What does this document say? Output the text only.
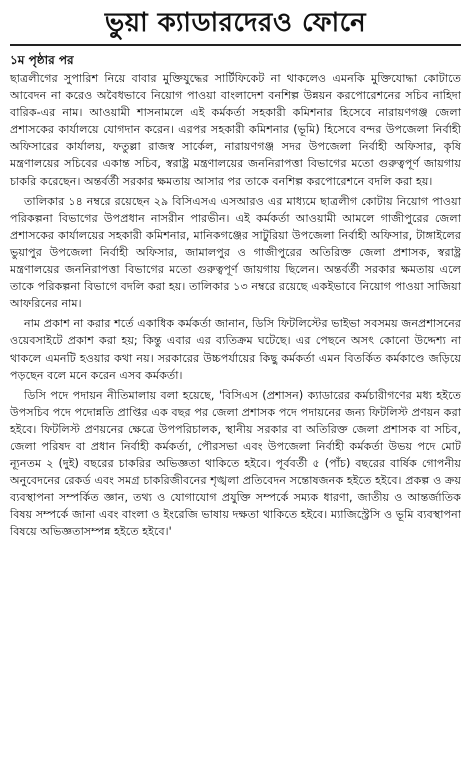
ভুয়া ক্যাডারদেরও ফোনে
১ম পৃষ্ঠার পর

ছাত্রলীগের সুপারিশ নিয়ে বাবার মুক্তিযুদ্ধের সার্টিফিকেট না থাকলেও এমনকি মুক্তিযোদ্ধা কোটাতে আবেদন না করেও অবৈধভাবে নিয়োগ পাওয়া বাংলাদেশ বনশিল্প উন্নয়ন করপোরেশনের সচিব নাহিদা বারিক-এর নাম। আওয়ামী শাসনামলে এই কর্মকর্তা সহকারী কমিশনার হিসেবে নারায়ণগঞ্জ জেলা প্রশাসকের কার্যালয়ে যোগদান করেন। এরপর সহকারী কমিশনার (ভূমি) হিসেবে বন্দর উপজেলা নির্বাহী অফিসারের কার্যালয়, ফতুল্লা রাজস্ব সার্কেল, নারায়ণগঞ্জ সদর উপজেলা নির্বাহী অফিসার, কৃষি মন্ত্রণালয়ের সচিবের একান্ত সচিব, স্বরাষ্ট্র মন্ত্রণালয়ের জননিরাপত্তা বিভাগের মতো গুরুত্বপূর্ণ জায়গায় চাকরি করেছেন। অন্তর্বর্তী সরকার ক্ষমতায় আসার পর তাকে বনশিল্প করপোরেশনে বদলি করা হয়।

তালিকার ১৪ নম্বরে রয়েছেন ২৯ বিসিএসএ এসআরও এর মাধ্যমে ছাত্রলীগ কোটায় নিয়োগ পাওয়া পরিকল্পনা বিভাগের উপপ্রধান নাসরীন পারভীন। এই কর্মকর্তা আওয়ামী আমলে গাজীপুরের জেলা প্রশাসকের কার্যালয়ের সহকারী কমিশনার, মানিকগঞ্জের সাটুরিয়া উপজেলা নির্বাহী অফিসার, টাঙ্গাইলের ভুয়াপুর উপজেলা নির্বাহী অফিসার, জামালপুর ও গাজীপুরের অতিরিক্ত জেলা প্রশাসক, স্বরাষ্ট্র মন্ত্রণালয়ের জননিরাপত্তা বিভাগের মতো গুরুত্বপূর্ণ জায়গায় ছিলেন। অন্তর্বর্তী সরকার ক্ষমতায় এলে তাকে পরিকল্পনা বিভাগে বদলি করা হয়। তালিকার ১৩ নম্বরে রয়েছে একইভাবে নিয়োগ পাওয়া সাজিয়া আফরিনের নাম।

নাম প্রকাশ না করার শর্তে একাধিক কর্মকর্তা জানান, ডিসি ফিটলিস্টের ভাইভা সবসময় জনপ্রশাসনের ওয়েবসাইটে প্রকাশ করা হয়; কিন্তু এবার এর ব্যতিক্রম ঘটেছে। এর পেছনে অসৎ কোনো উদ্দেশ্য না থাকলে এমনটি হওয়ার কথা নয়। সরকারের উচ্চপর্যায়ের কিছু কর্মকর্তা এমন বিতর্কিত কর্মকাণ্ডে জড়িয়ে পড়ছেন বলে মনে করেন এসব কর্মকর্তা।

ডিসি পদে পদায়ন নীতিমালায় বলা হয়েছে, 'বিসিএস (প্রশাসন) ক্যাডারের কর্মচারীগণের মধ্য হইতে উপসচিব পদে পদোন্নতি প্রাপ্তির এক বছর পর জেলা প্রশাসক পদে পদায়নের জন্য ফিটলিস্ট প্রণয়ন করা হইবে। ফিটলিস্ট প্রণয়নের ক্ষেত্রে উপপরিচালক, স্থানীয় সরকার বা অতিরিক্ত জেলা প্রশাসক বা সচিব, জেলা পরিষদ বা প্রধান নির্বাহী কর্মকর্তা, পৌরসভা এবং উপজেলা নির্বাহী কর্মকর্তা উভয় পদে মোট ন্যূনতম ২ (দুই) বছরের চাকরির অভিজ্ঞতা থাকিতে হইবে। পূর্ববর্তী ৫ (পাঁচ) বছরের বার্ষিক গোপনীয় অনুবেদনের রেকর্ড এবং সমগ্র চাকরিজীবনের শৃঙ্খলা প্রতিবেদন সন্তোষজনক হইতে হইবে। প্রকল্প ও ক্রয় ব্যবস্থাপনা সম্পর্কিত জ্ঞান, তথ্য ও যোগাযোগ প্রযুক্তি সম্পর্কে সম্যক ধারণা, জাতীয় ও আন্তর্জাতিক বিষয় সম্পর্কে জানা এবং বাংলা ও ইংরেজি ভাষায় দক্ষতা থাকিতে হইবে। ম্যাজিস্ট্রেসি ও ভূমি ব্যবস্থাপনা বিষয়ে অভিজ্ঞতাসম্পন্ন হইতে হইবে।'
